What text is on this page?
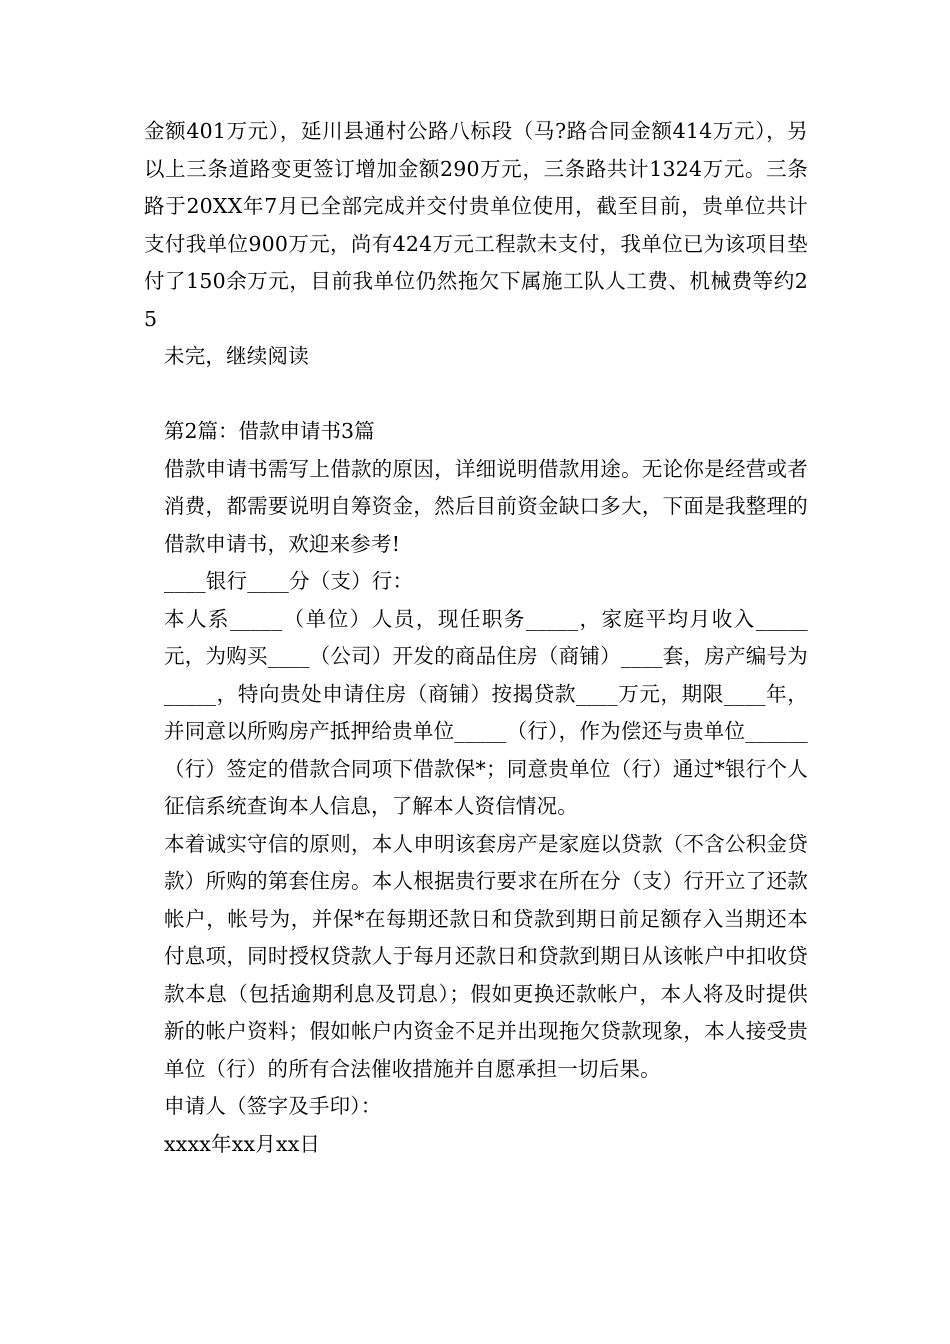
金额401万元），延川县通村公路八标段（马?路合同金额414万元），另以上三条道路变更签订增加金额290万元，三条路共计1324万元。三条路于20XX年7月已全部完成并交付贵单位使用，截至目前，贵单位共计支付我单位900万元，尚有424万元工程款未支付，我单位已为该项目垫付了150余万元，目前我单位仍然拖欠下属施工队人工费、机械费等约25

未完，继续阅读

第2篇：借款申请书3篇

借款申请书需写上借款的原因，详细说明借款用途。无论你是经营或者消费，都需要说明自筹资金，然后目前资金缺口多大，下面是我整理的借款申请书，欢迎来参考!

____银行____分（支）行：

本人系_____（单位）人员，现任职务_____，家庭平均月收入_____元，为购买____（公司）开发的商品住房（商铺）____套，房产编号为_____，特向贵处申请住房（商铺）按揭贷款____万元，期限____年，并同意以所购房产抵押给贵单位_____（行），作为偿还与贵单位______（行）签定的借款合同项下借款保*；同意贵单位（行）通过*银行个人征信系统查询本人信息，了解本人资信情况。

本着诚实守信的原则，本人申明该套房产是家庭以贷款（不含公积金贷款）所购的第套住房。本人根据贵行要求在所在分（支）行开立了还款帐户，帐号为，并保*在每期还款日和贷款到期日前足额存入当期还本付息项，同时授权贷款人于每月还款日和贷款到期日从该帐户中扣收贷款本息（包括逾期利息及罚息）；假如更换还款帐户，本人将及时提供新的帐户资料；假如帐户内资金不足并出现拖欠贷款现象，本人接受贵单位（行）的所有合法催收措施并自愿承担一切后果。

申请人（签字及手印）：

xxxx年xx月xx日
